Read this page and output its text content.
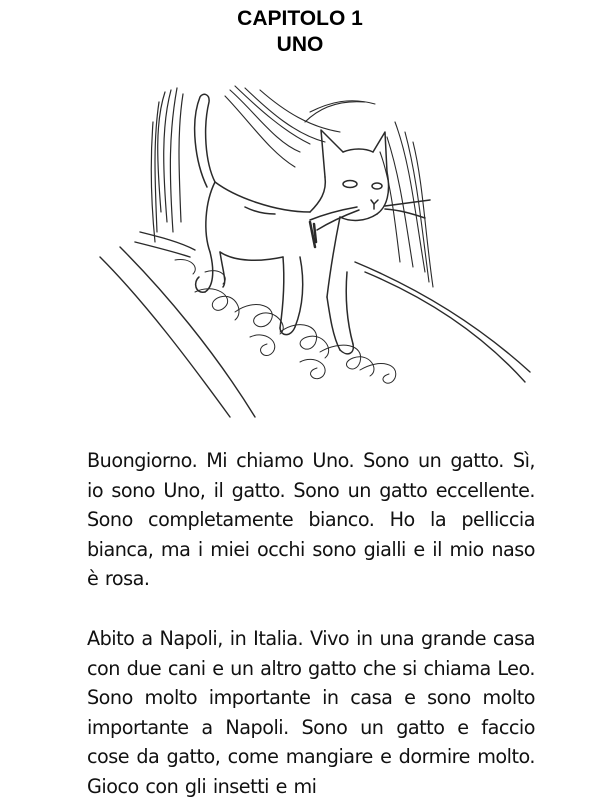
CAPITOLO 1
UNO

Buongiorno. Mi chiamo Uno. Sono un gatto. Sì, io sono Uno, il gatto. Sono un gatto eccellente. Sono completamente bianco. Ho la pelliccia bianca, ma i miei occhi sono gialli e il mio naso è rosa.

Abito a Napoli, in Italia. Vivo in una grande casa con due cani e un altro gatto che si chiama Leo. Sono molto importante in casa e sono molto importante a Napoli. Sono un gatto e faccio cose da gatto, come mangiare e dormire molto. Gioco con gli insetti e mi
